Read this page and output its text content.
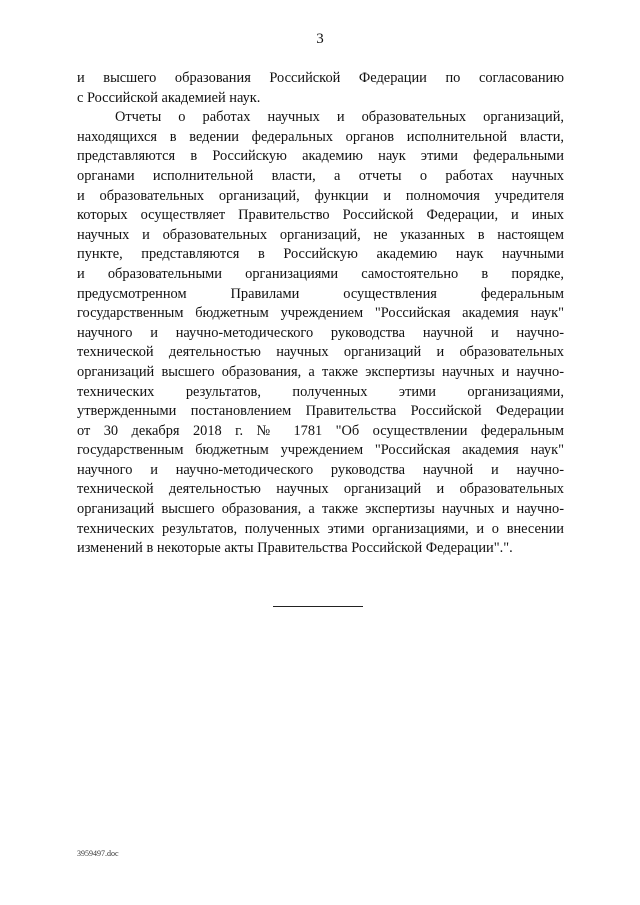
3

и высшего образования Российской Федерации по согласованию
с Российской академией наук.

Отчеты о работах научных и образовательных организаций,
находящихся в ведении федеральных органов исполнительной власти,
представляются в Российскую академию наук этими федеральными
органами исполнительной власти, а отчеты о работах научных
и образовательных организаций, функции и полномочия учредителя
которых осуществляет Правительство Российской Федерации, и иных
научных и образовательных организаций, не указанных в настоящем
пункте, представляются в Российскую академию наук научными
и образовательными организациями самостоятельно в порядке,
предусмотренном Правилами осуществления федеральным
государственным бюджетным учреждением "Российская академия наук"
научного и научно-методического руководства научной и научно-
технической деятельностью научных организаций и образовательных
организаций высшего образования, а также экспертизы научных и научно-
технических результатов, полученных этими организациями,
утвержденными постановлением Правительства Российской Федерации
от 30 декабря 2018 г. № 1781 "Об осуществлении федеральным
государственным бюджетным учреждением "Российская академия наук"
научного и научно-методического руководства научной и научно-
технической деятельностью научных организаций и образовательных
организаций высшего образования, а также экспертизы научных и научно-
технических результатов, полученных этими организациями, и о внесении
изменений в некоторые акты Правительства Российской Федерации".".

3959497.doc
